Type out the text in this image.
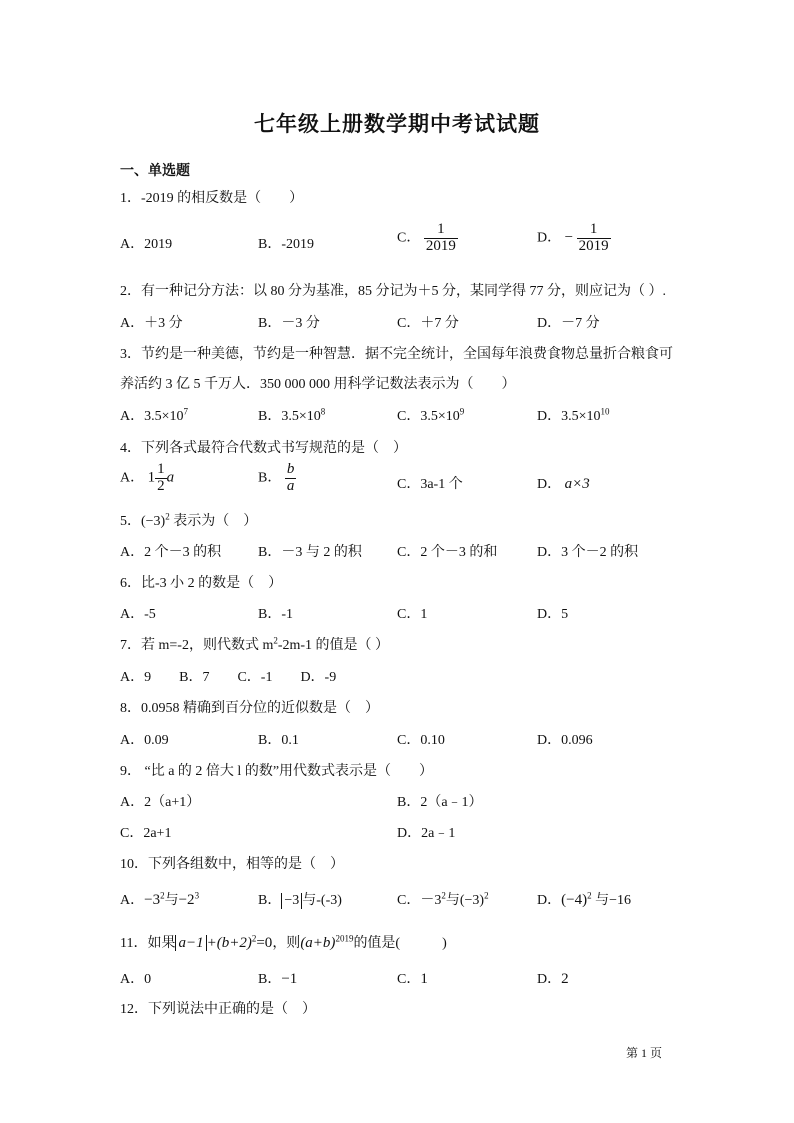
七年级上册数学期中考试试题
一、单选题
1．-2019 的相反数是（　　）
A．2019	B．-2019	C． $\frac{1}{2019}$	D． − $\frac{1}{2019}$
2．有一种记分方法：以 80 分为基准，85 分记为＋5 分，某同学得 77 分，则应记为（ ）.
A．＋3 分	B．－3 分	C．＋7 分	D．－7 分
3．节约是一种美德，节约是一种智慧．据不完全统计，全国每年浪费食物总量折合粮食可
养活约 3 亿 5 千万人．350 000 000 用科学记数法表示为（　　）
A．$3.5\times 10^7$	B．$3.5\times 10^8$	C．$3.5\times 10^9$	D．$3.5\times 10^{10}$
4．下列各式最符合代数式书写规范的是（　）
A． $1 \frac{1}{2}$ a	B． $\frac{b}{a}$	C．3a-1 个	D． a×3
5．$(-3)^2$ 表示为（　）
A．2 个－3 的积	B．－3 与 2 的积	C．2 个－3 的和	D．3 个－2 的积
6．比-3 小 2 的数是（　）
A．-5	B．-1	C．1	D．5
7．若 m=-2，则代数式 $m^2-2m-1$ 的值是（ ）
A．9　　B．7　　C．-1　　D．-9
8．0.0958 精确到百分位的近似数是（　）
A．0.09	B．0.1	C．0.10	D．0.096
9． “比 a 的 2 倍大 l 的数”用代数式表示是（　　）
A．2（a+1）	B．2（a﹣1）
C．2a+1	D．2a﹣1
10．下列各组数中，相等的是（　）
A．$-3^2$与$-2^3$	B． −3 与-(-3)	C．$-3^2$与$(-3)^2$	D．$(-4)^2$ 与−16
11．如果 $a-1 +(b+2)^2=0$，则$(a+b)^{2019}$的值是(　　　)
A．0	B．−1	C．1	D．2
12．下列说法中正确的是（　）
第 1 页
